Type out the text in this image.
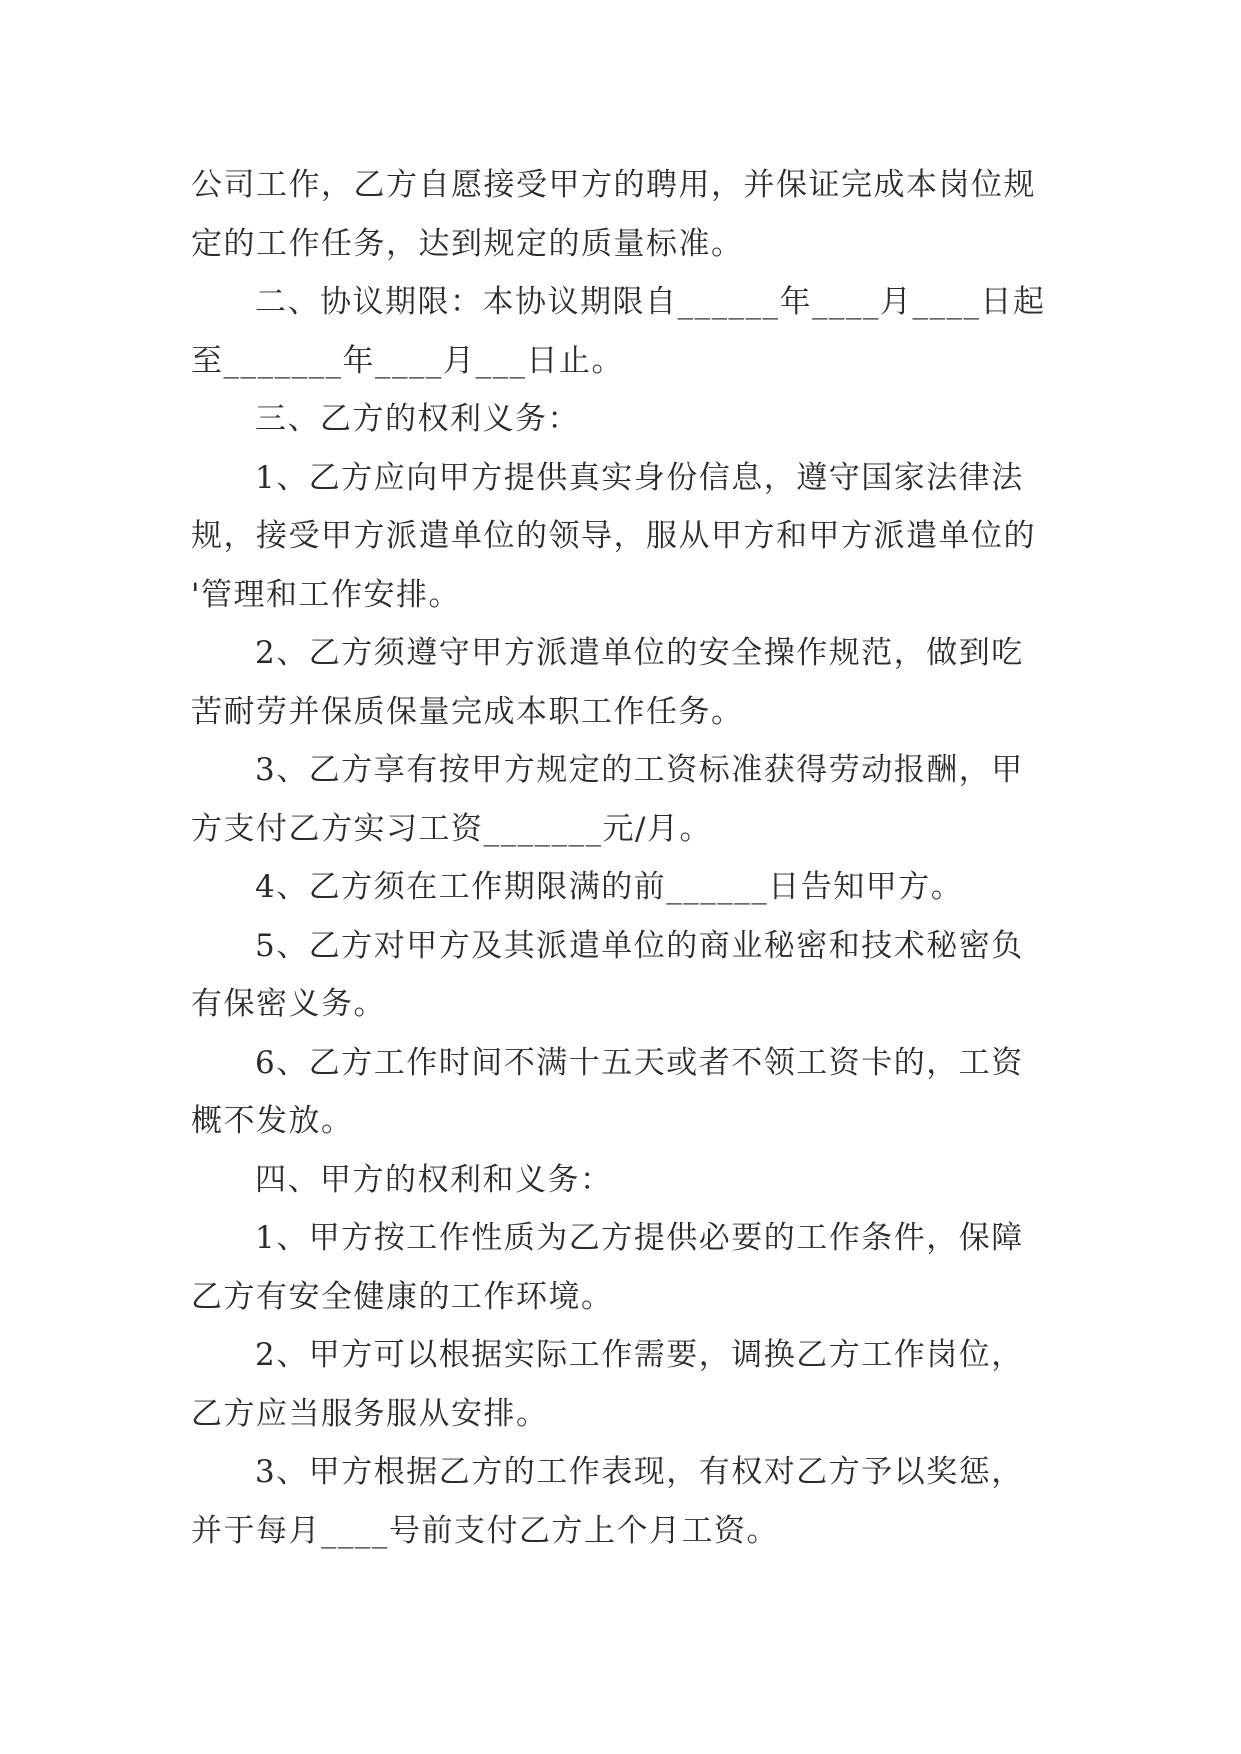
公司工作，乙方自愿接受甲方的聘用，并保证完成本岗位规
定的工作任务，达到规定的质量标准。

二、协议期限：本协议期限自______年____月____日起
至_______年____月___日止。

三、乙方的权利义务：

1、乙方应向甲方提供真实身份信息，遵守国家法律法
规，接受甲方派遣单位的领导，服从甲方和甲方派遣单位的
'管理和工作安排。

2、乙方须遵守甲方派遣单位的安全操作规范，做到吃
苦耐劳并保质保量完成本职工作任务。

3、乙方享有按甲方规定的工资标准获得劳动报酬，甲
方支付乙方实习工资_______元/月。

4、乙方须在工作期限满的前______日告知甲方。

5、乙方对甲方及其派遣单位的商业秘密和技术秘密负
有保密义务。

6、乙方工作时间不满十五天或者不领工资卡的，工资
概不发放。

四、甲方的权利和义务：

1、甲方按工作性质为乙方提供必要的工作条件，保障
乙方有安全健康的工作环境。

2、甲方可以根据实际工作需要，调换乙方工作岗位，
乙方应当服务服从安排。

3、甲方根据乙方的工作表现，有权对乙方予以奖惩，
并于每月____号前支付乙方上个月工资。
